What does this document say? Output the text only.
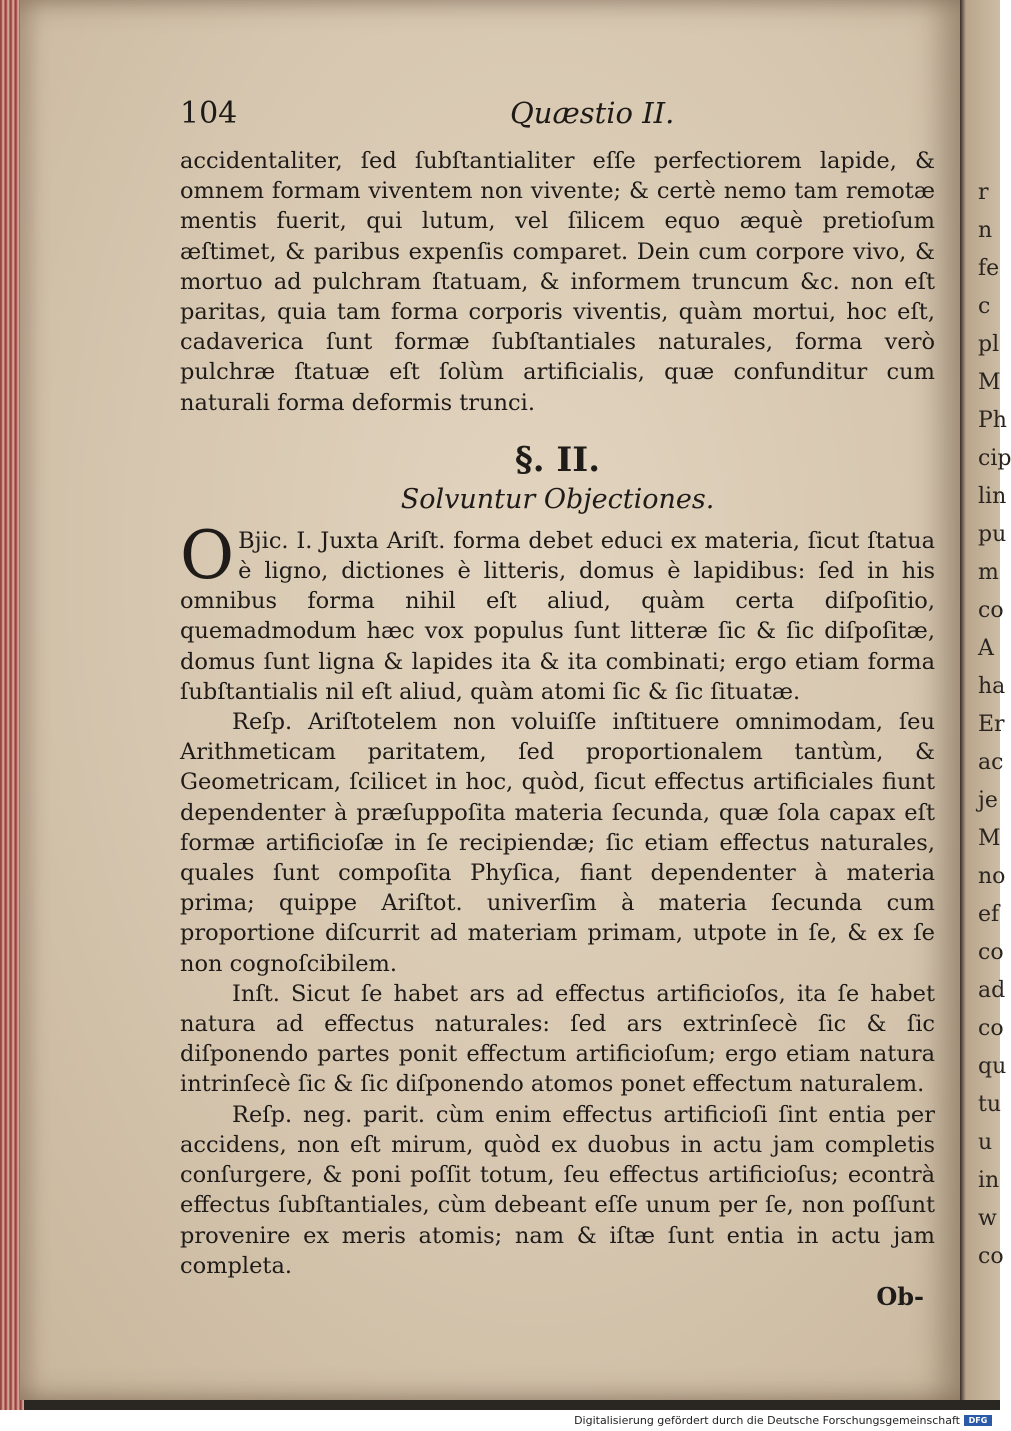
r
n
fe
c
pl
M
Ph
cip
lin
pu
m
co
A
ha
Er
ac
je
M
no
ef
co
ad
co
qu
tu
u
in
w
co
104	Quæstio II.

accidentaliter, ſed ſubſtantialiter eſſe perfectiorem lapide, & omnem formam viventem non vivente; & certè nemo tam remotæ mentis fuerit, qui lutum, vel ſilicem equo æquè pretioſum æſtimet, & paribus expenſis comparet. Dein cum corpore vivo, & mortuo ad pulchram ſtatuam, & informem truncum &c. non eſt paritas, quia tam forma corporis viventis, quàm mortui, hoc eſt, cadaverica ſunt formæ ſubſtantiales naturales, forma verò pulchræ ſtatuæ eſt ſolùm artificialis, quæ confunditur cum naturali forma deformis trunci.

§. II.

Solvuntur Objectiones.

O Bjic. I. Juxta Ariſt. forma debet educi ex materia, ſicut ſtatua è ligno, dictiones è litteris, domus è lapidibus: ſed in his omnibus forma nihil eſt aliud, quàm certa diſpoſitio, quemadmodum hæc vox populus ſunt litteræ ſic & ſic diſpoſitæ, domus ſunt ligna & lapides ita & ita combinati; ergo etiam forma ſubſtantialis nil eſt aliud, quàm atomi ſic & ſic ſituatæ.

Reſp. Ariſtotelem non voluiſſe inſtituere omnimodam, ſeu Arithmeticam paritatem, ſed proportionalem tantùm, & Geometricam, ſcilicet in hoc, quòd, ſicut effectus artificiales fiunt dependenter à præſuppoſita materia ſecunda, quæ ſola capax eſt formæ artificioſæ in ſe recipiendæ; ſic etiam effectus naturales, quales ſunt compoſita Phyſica, fiant dependenter à materia prima; quippe Ariſtot. univerſim à materia ſecunda cum proportione diſcurrit ad materiam primam, utpote in ſe, & ex ſe non cognoſcibilem.

Inſt. Sicut ſe habet ars ad effectus artificioſos, ita ſe habet natura ad effectus naturales: ſed ars extrinſecè ſic & ſic diſponendo partes ponit effectum artificioſum; ergo etiam natura intrinſecè ſic & ſic diſponendo atomos ponet effectum naturalem.

Reſp. neg. parit. cùm enim effectus artificioſi ſint entia per accidens, non eſt mirum, quòd ex duobus in actu jam completis conſurgere, & poni poſſit totum, ſeu effectus artificioſus; econtrà effectus ſubſtantiales, cùm debeant eſſe unum per ſe, non poſſunt provenire ex meris atomis; nam & iſtæ ſunt entia in actu jam completa.

Ob-
Digitalisierung gefördert durch die Deutsche Forschungsgemeinschaft	DFG
